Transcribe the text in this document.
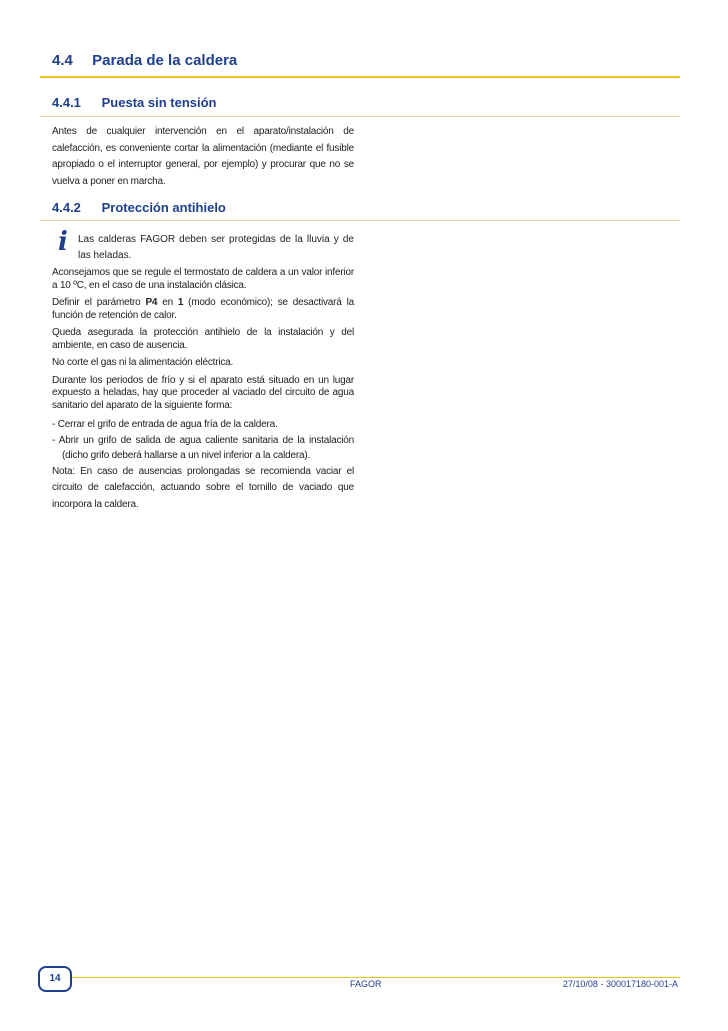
4.4 Parada de la caldera
4.4.1 Puesta sin tensión

Antes de cualquier intervención en el aparato/instalación de calefacción, es conveniente cortar la alimentación (mediante el fusible apropiado o el interruptor general, por ejemplo) y procurar que no se vuelva a poner en marcha.

4.4.2 Protección antihielo
i Las calderas FAGOR deben ser protegidas de la lluvia y de las heladas.

Aconsejamos que se regule el termostato de caldera a un valor inferior a 10 ºC, en el caso de una instalación clásica.

Definir el parámetro P4 en 1 (modo económico); se desactivará la función de retención de calor.

Queda asegurada la protección antihielo de la instalación y del ambiente, en caso de ausencia.

No corte el gas ni la alimentación eléctrica.

Durante los periodos de frío y si el aparato está situado en un lugar expuesto a heladas, hay que proceder al vaciado del circuito de agua sanitario del aparato de la siguiente forma:

- Cerrar el grifo de entrada de agua fría de la caldera.
- Abrir un grifo de salida de agua caliente sanitaria de la instalación (dicho grifo deberá hallarse a un nivel inferior a la caldera).

Nota: En caso de ausencias prolongadas se recomienda vaciar el circuito de calefacción, actuando sobre el tornillo de vaciado que incorpora la caldera.

14	FAGOR	27/10/08 - 300017180-001-A
